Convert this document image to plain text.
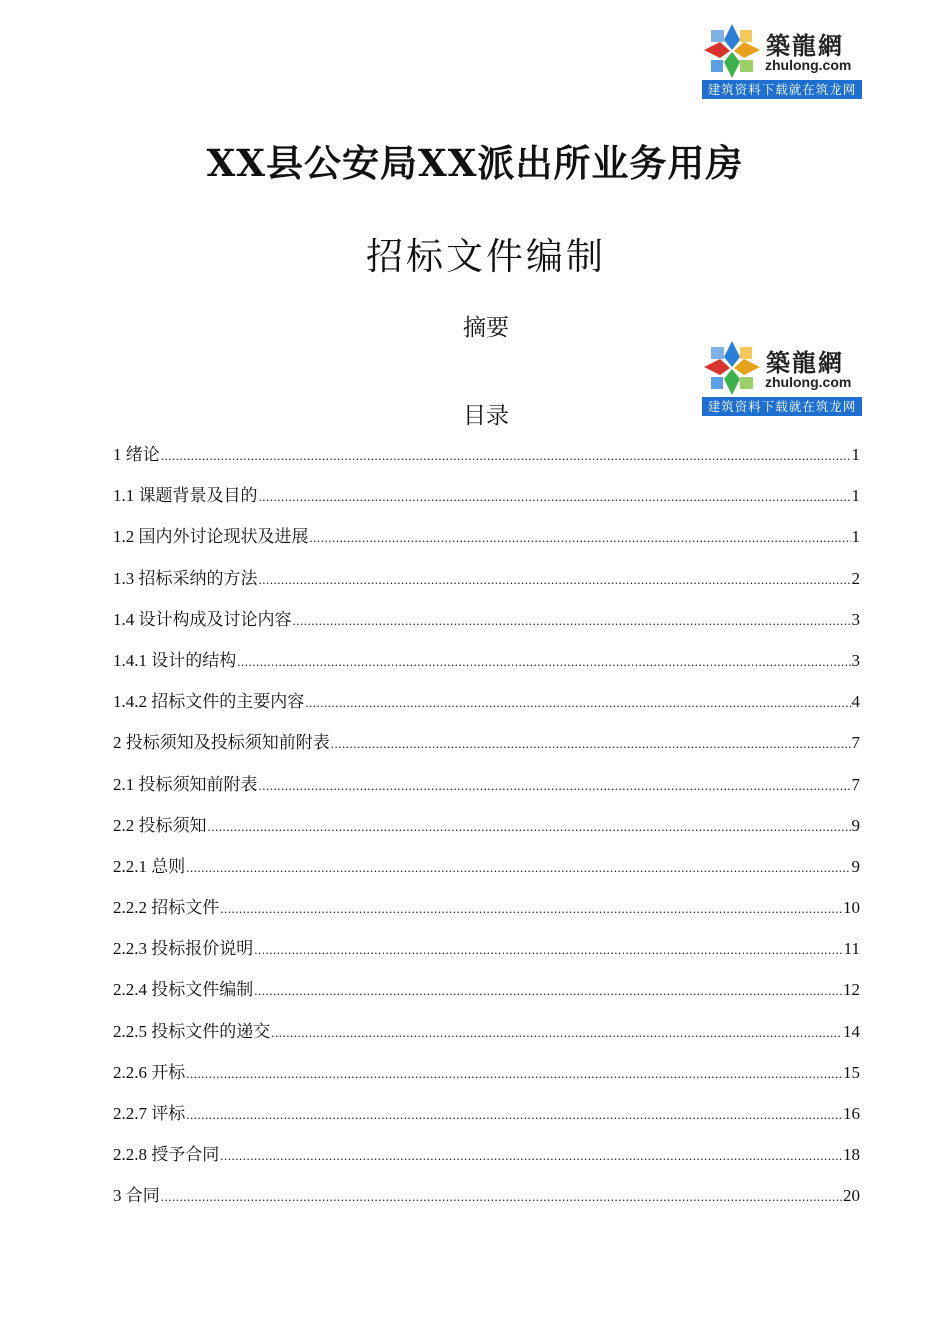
築龍網
zhulong.com
建筑资料下载就在筑龙网
XX县公安局XX派出所业务用房
招标文件编制
摘要
築龍網
zhulong.com
建筑资料下载就在筑龙网
目录
1 绪论 .....	1
1.1 课题背景及目的 .....	1
1.2 国内外讨论现状及进展 .....	1
1.3 招标采纳的方法 .....	2
1.4 设计构成及讨论内容 .....	3
1.4.1 设计的结构 .....	3
1.4.2 招标文件的主要内容 .....	4
2 投标须知及投标须知前附表 .....	7
2.1 投标须知前附表 .....	7
2.2 投标须知 .....	9
2.2.1 总则 .....	9
2.2.2 招标文件 .....	10
2.2.3 投标报价说明 .....	11
2.2.4 投标文件编制 .....	12
2.2.5 投标文件的递交 .....	14
2.2.6 开标 .....	15
2.2.7 评标 .....	16
2.2.8 授予合同 .....	18
3 合同 .....	20
